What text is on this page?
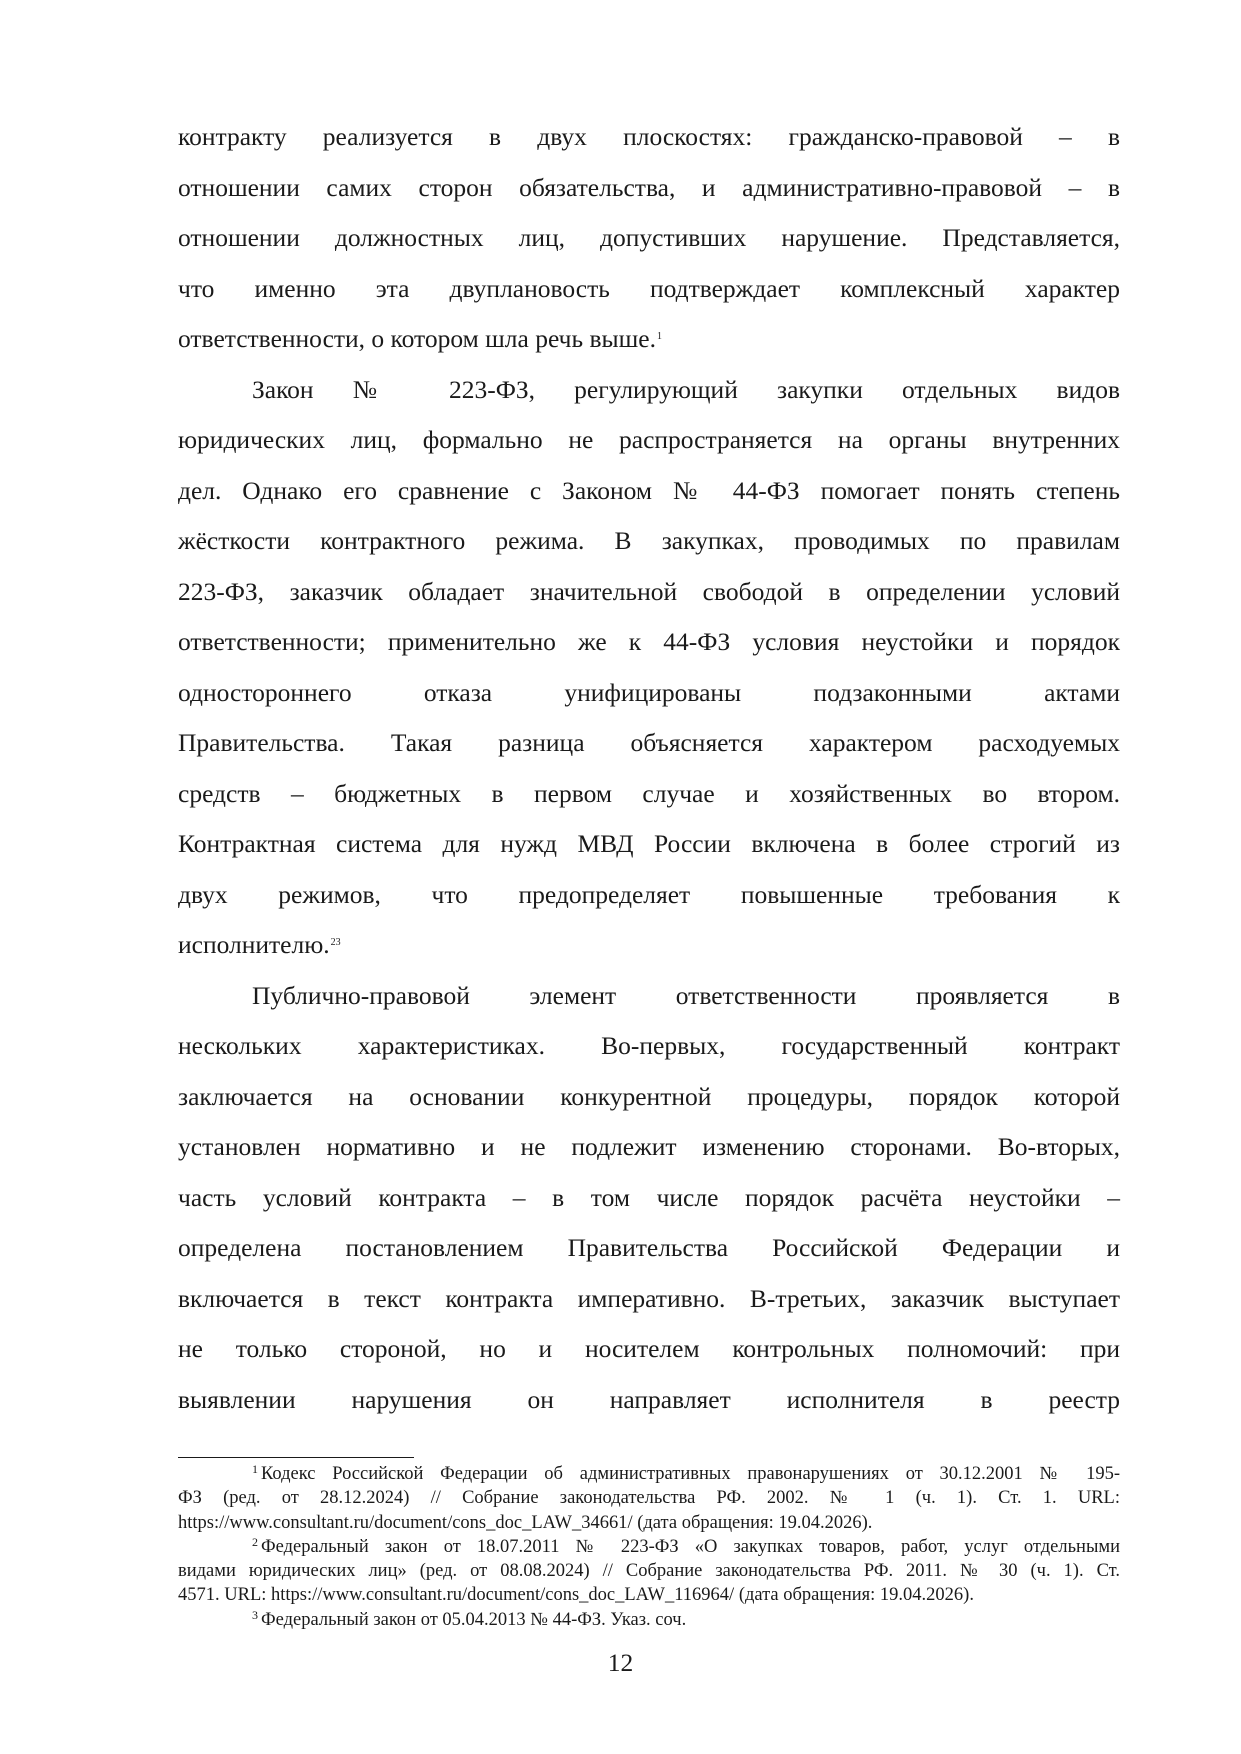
контракту реализуется в двух плоскостях: гражданско-правовой – в
отношении самих сторон обязательства, и административно-правовой – в
отношении должностных лиц, допустивших нарушение. Представляется,
что именно эта двуплановость подтверждает комплексный характер
ответственности, о котором шла речь выше.$^1$
Закон № 223-ФЗ, регулирующий закупки отдельных видов
юридических лиц, формально не распространяется на органы внутренних
дел. Однако его сравнение с Законом № 44-ФЗ помогает понять степень
жёсткости контрактного режима. В закупках, проводимых по правилам
223-ФЗ, заказчик обладает значительной свободой в определении условий
ответственности; применительно же к 44-ФЗ условия неустойки и порядок
одностороннего отказа унифицированы подзаконными актами
Правительства. Такая разница объясняется характером расходуемых
средств – бюджетных в первом случае и хозяйственных во втором.
Контрактная система для нужд МВД России включена в более строгий из
двух режимов, что предопределяет повышенные требования к
исполнителю.$^{23}$
Публично-правовой элемент ответственности проявляется в
нескольких характеристиках. Во-первых, государственный контракт
заключается на основании конкурентной процедуры, порядок которой
установлен нормативно и не подлежит изменению сторонами. Во-вторых,
часть условий контракта – в том числе порядок расчёта неустойки –
определена постановлением Правительства Российской Федерации и
включается в текст контракта императивно. В-третьих, заказчик выступает
не только стороной, но и носителем контрольных полномочий: при
выявлении нарушения он направляет исполнителя в реестр
$^1$ Кодекс Российской Федерации об административных правонарушениях от 30.12.2001 № 195-
ФЗ (ред. от 28.12.2024) // Собрание законодательства РФ. 2002. № 1 (ч. 1). Ст. 1. URL:
https://www.consultant.ru/document/cons_doc_LAW_34661/ (дата обращения: 19.04.2026).
$^2$ Федеральный закон от 18.07.2011 № 223-ФЗ «О закупках товаров, работ, услуг отдельными
видами юридических лиц» (ред. от 08.08.2024) // Собрание законодательства РФ. 2011. № 30 (ч. 1). Ст.
4571. URL: https://www.consultant.ru/document/cons_doc_LAW_116964/ (дата обращения: 19.04.2026).
$^3$ Федеральный закон от 05.04.2013 № 44-ФЗ. Указ. соч.
12
